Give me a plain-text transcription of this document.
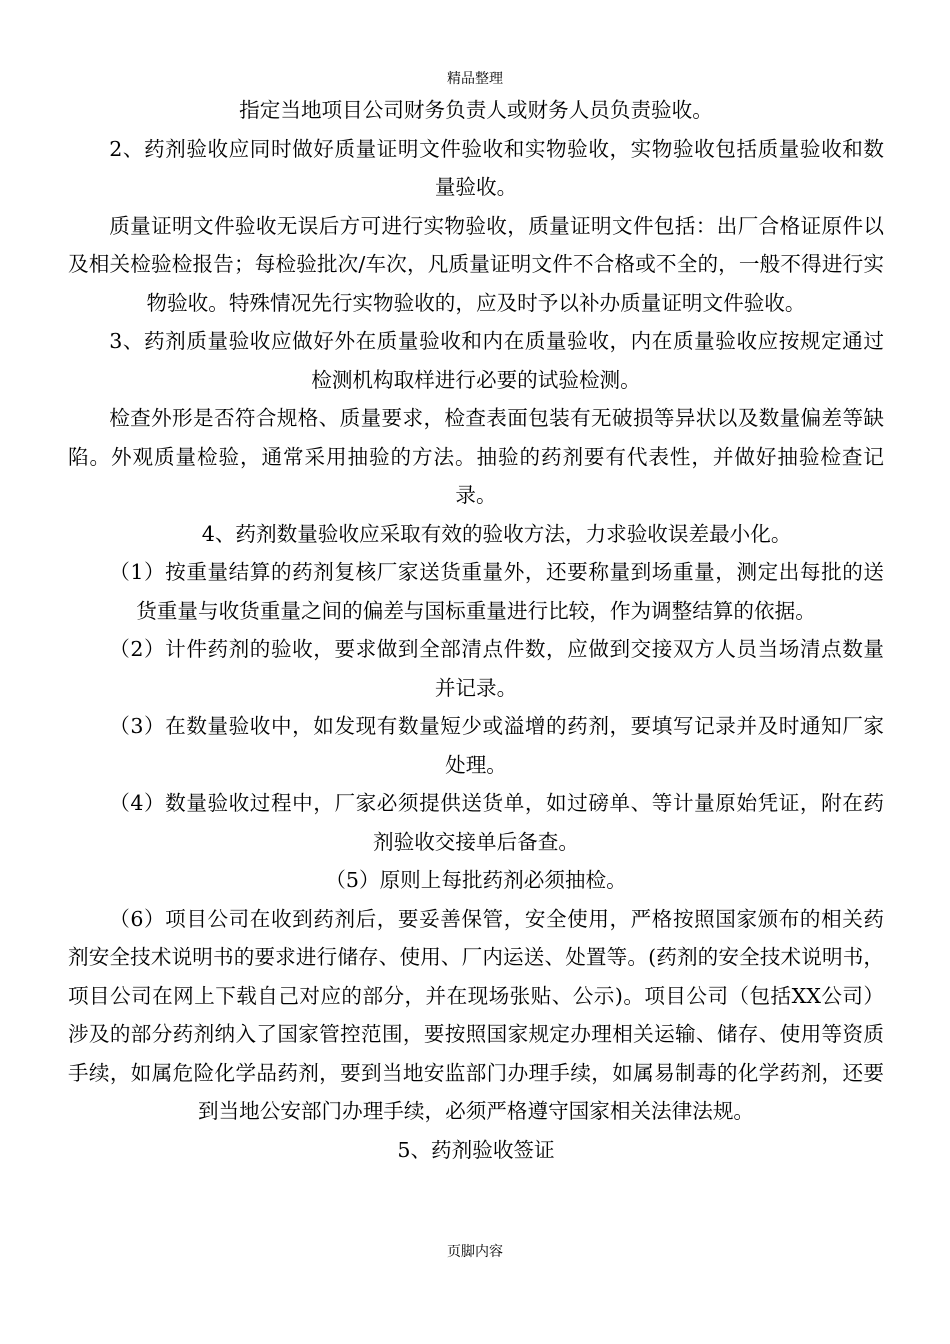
精品整理

指定当地项目公司财务负责人或财务人员负责验收。

2、药剂验收应同时做好质量证明文件验收和实物验收，实物验收包括质量验收和数量验收。

质量证明文件验收无误后方可进行实物验收，质量证明文件包括：出厂合格证原件以及相关检验检报告；每检验批次/车次，凡质量证明文件不合格或不全的，一般不得进行实物验收。特殊情况先行实物验收的，应及时予以补办质量证明文件验收。

3、药剂质量验收应做好外在质量验收和内在质量验收，内在质量验收应按规定通过检测机构取样进行必要的试验检测。

检查外形是否符合规格、质量要求，检查表面包装有无破损等异状以及数量偏差等缺陷。外观质量检验，通常采用抽验的方法。抽验的药剂要有代表性，并做好抽验检查记录。

4、药剂数量验收应采取有效的验收方法，力求验收误差最小化。

（1）按重量结算的药剂复核厂家送货重量外，还要称量到场重量，测定出每批的送货重量与收货重量之间的偏差与国标重量进行比较，作为调整结算的依据。

（2）计件药剂的验收，要求做到全部清点件数，应做到交接双方人员当场清点数量并记录。

（3）在数量验收中，如发现有数量短少或溢增的药剂，要填写记录并及时通知厂家处理。

（4）数量验收过程中，厂家必须提供送货单，如过磅单、等计量原始凭证，附在药剂验收交接单后备查。

（5）原则上每批药剂必须抽检。

（6）项目公司在收到药剂后，要妥善保管，安全使用，严格按照国家颁布的相关药剂安全技术说明书的要求进行储存、使用、厂内运送、处置等。(药剂的安全技术说明书，项目公司在网上下载自己对应的部分，并在现场张贴、公示)。项目公司（包括XX公司）涉及的部分药剂纳入了国家管控范围，要按照国家规定办理相关运输、储存、使用等资质手续，如属危险化学品药剂，要到当地安监部门办理手续，如属易制毒的化学药剂，还要到当地公安部门办理手续，必须严格遵守国家相关法律法规。

5、药剂验收签证

页脚内容
